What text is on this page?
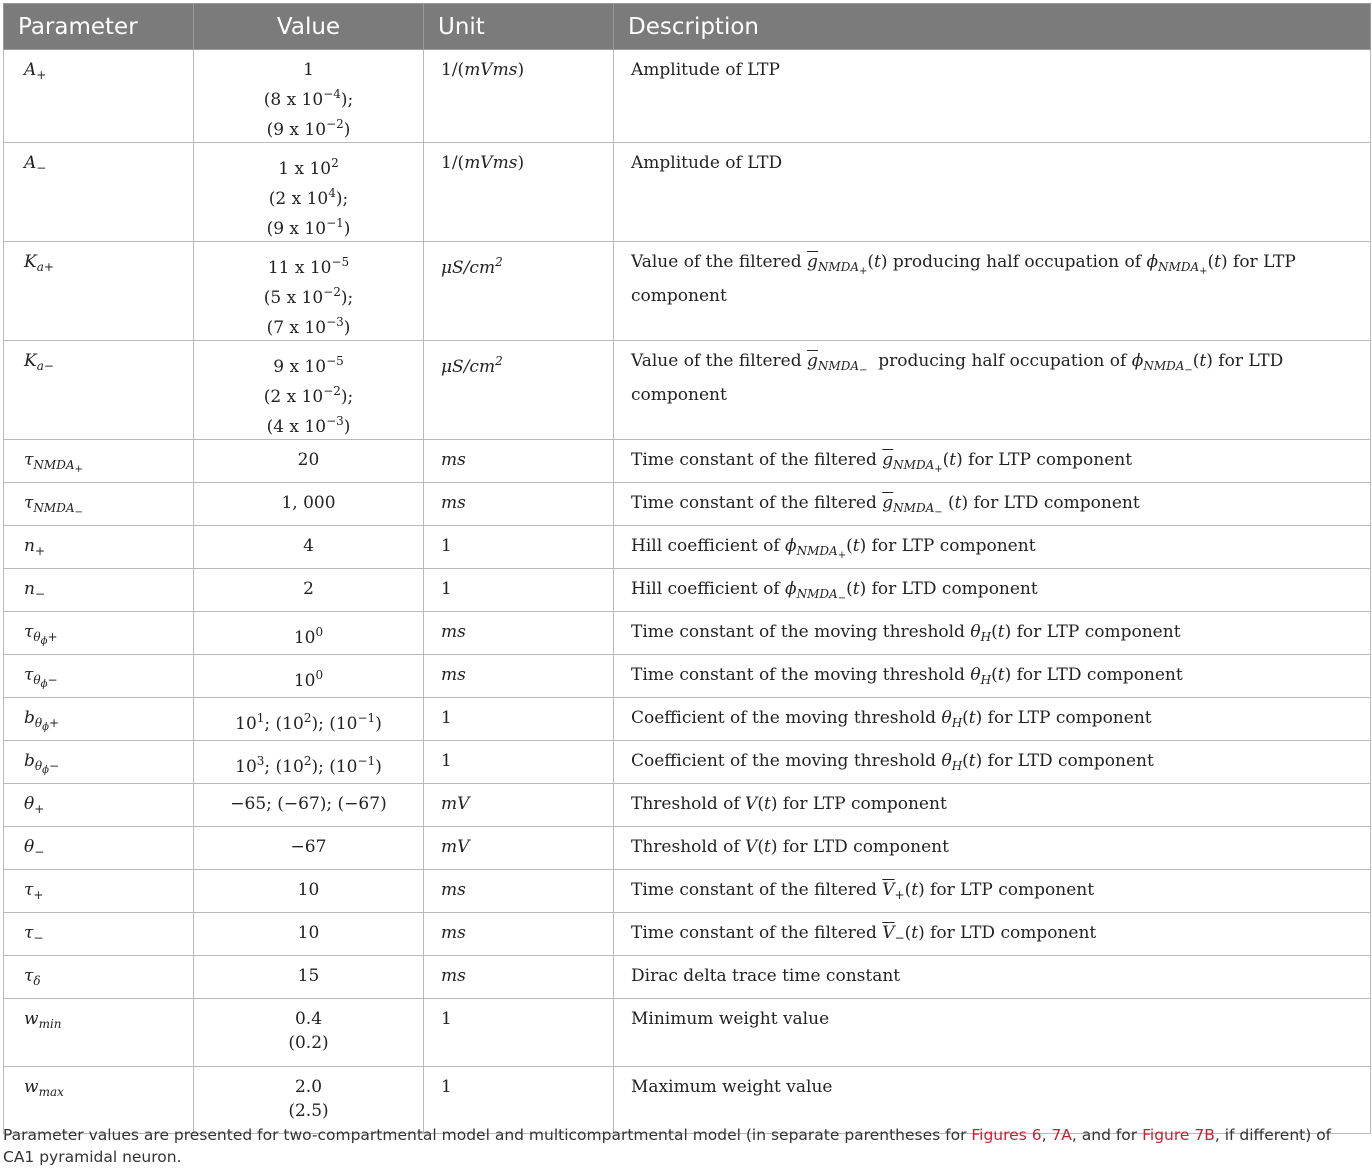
Parameter	Value	Unit	Description
$A_+$	1
(8 x $10^{-4}$);
(9 x $10^{-2}$)	1/(mVms)	Amplitude of LTP
$A_-$	1 x $10^2$
(2 x $10^4$);
(9 x $10^{-1}$)	1/(mVms)	Amplitude of LTD
$K_{a+}$	11 x $10^{-5}$
(5 x $10^{-2}$);
(7 x $10^{-3}$)	$\mu S/cm^2$	Value of the filtered $\overline{g}_{NMDA_+}(t)$ producing half occupation of $\phi_{NMDA_+}(t)$ for LTP component
$K_{a-}$	9 x $10^{-5}$
(2 x $10^{-2}$);
(4 x $10^{-3}$)	$\mu S/cm^2$	Value of the filtered $\overline{g}_{NMDA_-}$  producing half occupation of $\phi_{NMDA_-}(t)$ for LTD component
$\tau_{NMDA_+}$	20	ms	Time constant of the filtered $\overline{g}_{NMDA_+}(t)$ for LTP component
$\tau_{NMDA_-}$	1, 000	ms	Time constant of the filtered $\overline{g}_{NMDA_-}$ (t) for LTD component
$n_+$	4	1	Hill coefficient of $\phi_{NMDA_+}(t)$ for LTP component
$n_-$	2	1	Hill coefficient of $\phi_{NMDA_-}(t)$ for LTD component
$\tau_{\theta_\phi+}$	$10^0$	ms	Time constant of the moving threshold $\theta_H(t)$ for LTP component
$\tau_{\theta_\phi-}$	$10^0$	ms	Time constant of the moving threshold $\theta_H(t)$ for LTD component
$b_{\theta_\phi+}$	$10^1$; $(10^2)$; $(10^{-1})$	1	Coefficient of the moving threshold $\theta_H(t)$ for LTP component
$b_{\theta_\phi-}$	$10^3$; $(10^2)$; $(10^{-1})$	1	Coefficient of the moving threshold $\theta_H(t)$ for LTD component
$\theta_+$	−65; (−67); (−67)	mV	Threshold of V(t) for LTP component
$\theta_-$	−67	mV	Threshold of V(t) for LTD component
$\tau_+$	10	ms	Time constant of the filtered $\overline{V}_+(t)$ for LTP component
$\tau_-$	10	ms	Time constant of the filtered $\overline{V}_-(t)$ for LTD component
$\tau_\delta$	15	ms	Dirac delta trace time constant
$w_{min}$	0.4
(0.2)	1	Minimum weight value
$w_{max}$	2.0
(2.5)	1	Maximum weight value
Parameter values are presented for two-compartmental model and multicompartmental model (in separate parentheses for Figures 6, 7A, and for Figure 7B, if different) of CA1 pyramidal neuron.
